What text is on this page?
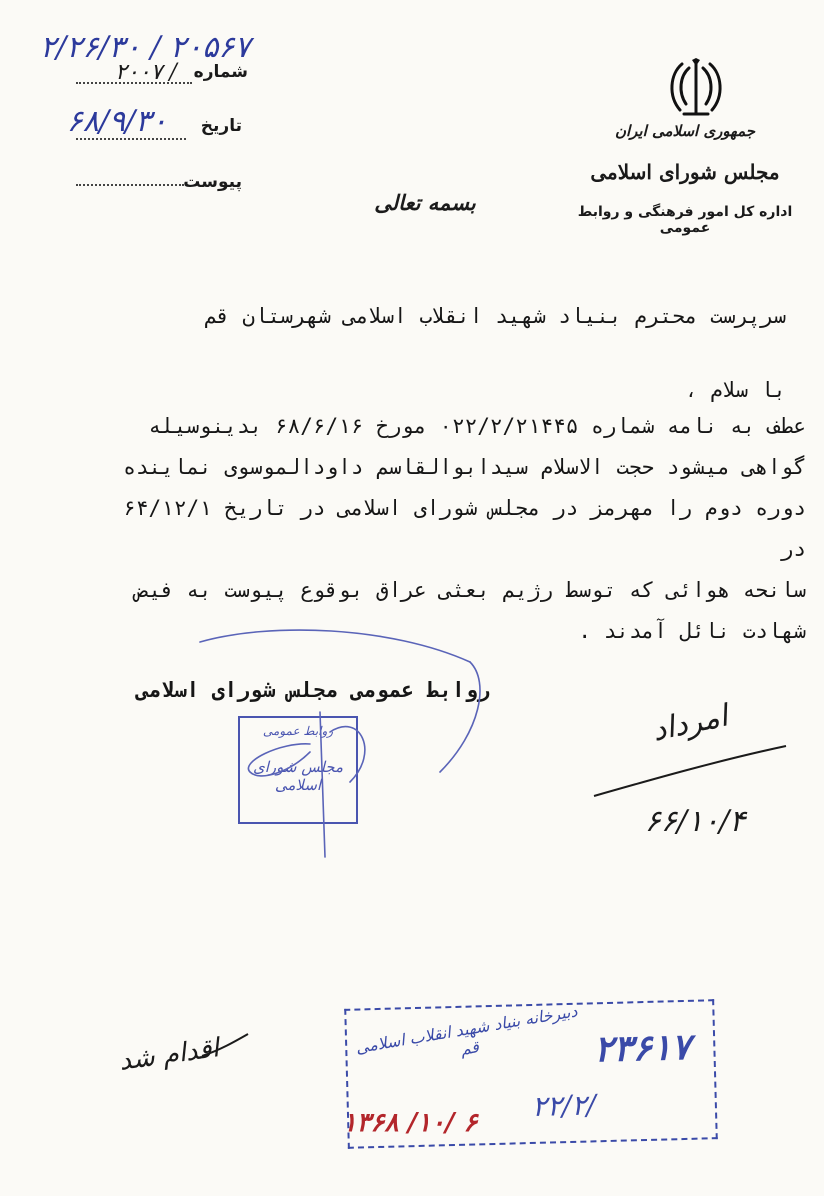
جمهوری اسلامی ایران
مجلس شورای اسلامی
اداره کل امور فرهنگی و روابط عمومی
بسمه تعالی
۲/۲۶/۳۰ / ۲۰۵۶۷
شماره
۲۰۰۷ /
تاریخ
۶۸/۹/۳۰
پیوست
سرپرست محترم بنیاد شهید انقلاب اسلامی شهرستان قم
با سلام ،
عطف به نامه شماره ۰۲۲/۲/۲۱۴۴۵ مورخ ۶۸/۶/۱۶ بدینوسیله
گواهی میشود حجت الاسلام سیدابوالقاسم داودالموسوی نماینده
دوره دوم را مهرمز در مجلس شورای اسلامی در تاریخ ۶۴/۱۲/۱ در
سانحه هوائی که توسط رژیم بعثی عراق بوقوع پیوست به فیض
شهادت نائل آمدند .
روابط عمومی مجلس شورای اسلامی
روابط عمومی
مجلس شورای اسلامی
امرداد
۶۶/۱۰/۴
اقدام شد	دبیرخانه بنیاد شهید انقلاب اسلامی قم	۲۳۶۱۷
۲۲/۲/
۱۳۶۸ /۱۰/ ۶
